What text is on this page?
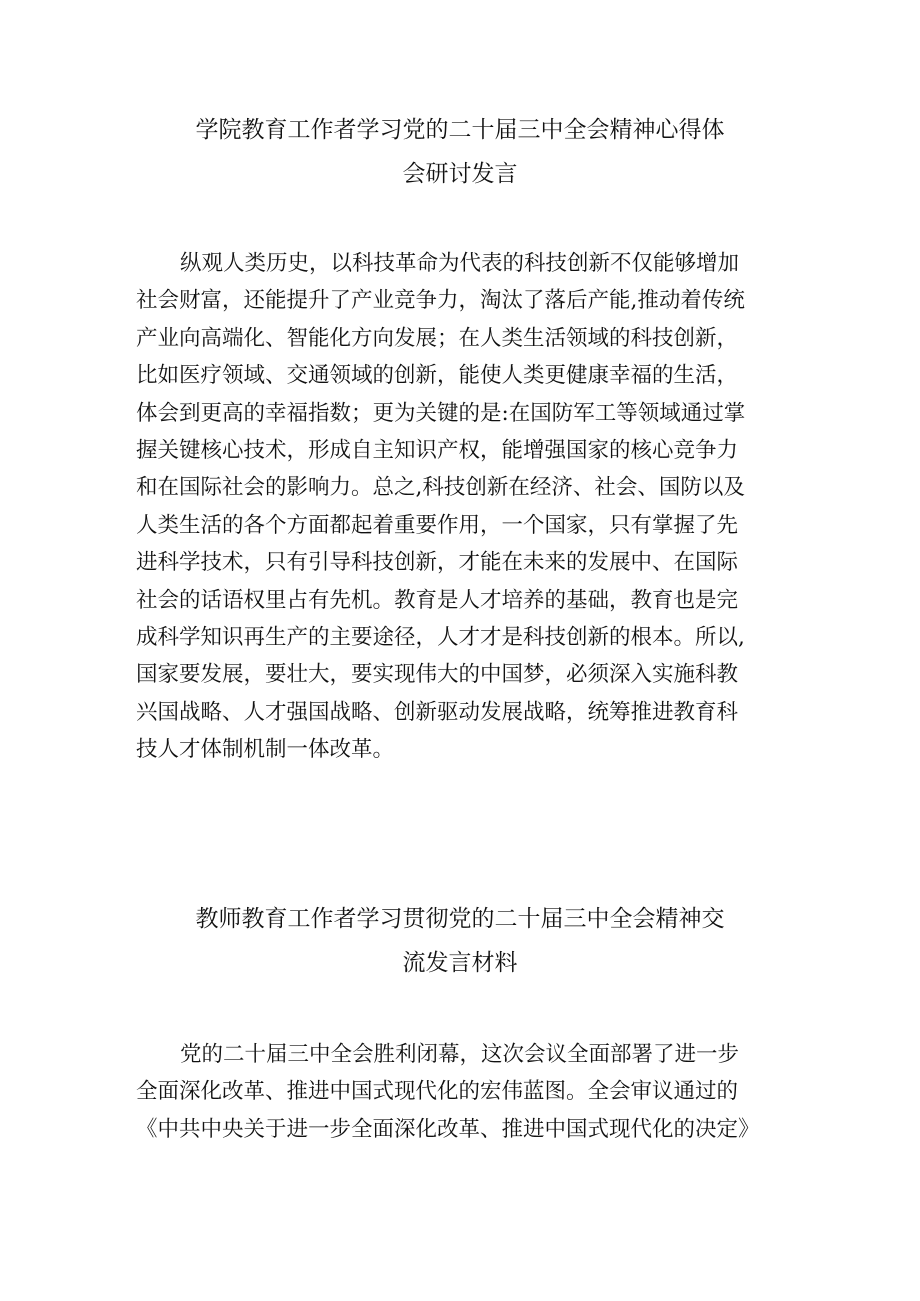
学院教育工作者学习党的二十届三中全会精神心得体
会研讨发言
纵观人类历史，以科技革命为代表的科技创新不仅能够增加
社会财富，还能提升了产业竞争力，淘汰了落后产能,推动着传统
产业向高端化、智能化方向发展；在人类生活领域的科技创新，
比如医疗领域、交通领域的创新，能使人类更健康幸福的生活，
体会到更高的幸福指数；更为关键的是:在国防军工等领域通过掌
握关键核心技术，形成自主知识产权，能增强国家的核心竞争力
和在国际社会的影响力。总之,科技创新在经济、社会、国防以及
人类生活的各个方面都起着重要作用，一个国家，只有掌握了先
进科学技术，只有引导科技创新，才能在未来的发展中、在国际
社会的话语权里占有先机。教育是人才培养的基础，教育也是完
成科学知识再生产的主要途径，人才才是科技创新的根本。所以,
国家要发展，要壮大，要实现伟大的中国梦，必须深入实施科教
兴国战略、人才强国战略、创新驱动发展战略，统筹推进教育科
技人才体制机制一体改革。
教师教育工作者学习贯彻党的二十届三中全会精神交
流发言材料
党的二十届三中全会胜利闭幕，这次会议全面部署了进一步
全面深化改革、推进中国式现代化的宏伟蓝图。全会审议通过的
《中共中央关于进一步全面深化改革、推进中国式现代化的决定》
